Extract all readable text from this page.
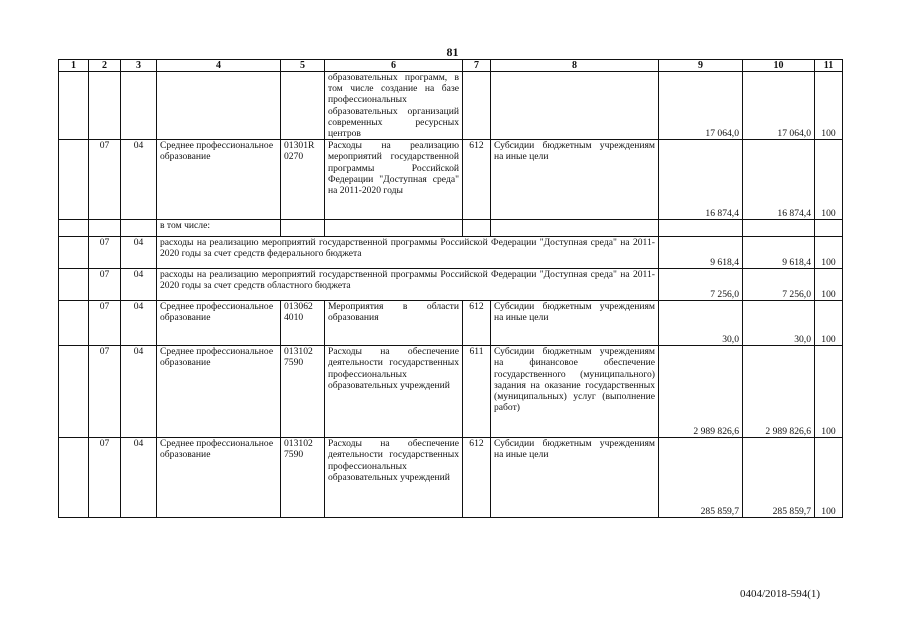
81
1	2	3	4	5	6	7	8	9	10	11
					образовательных программ, в том числе создание на базе профессиональных образовательных организаций современных ресурсных центров			17 064,0	17 064,0	100
	07	04	Среднее профессиональное образование	01301R 0270	Расходы на реализацию мероприятий государственной программы Российской Федерации "Доступная среда" на 2011-2020 годы	612	Субсидии бюджетным учреждениям на иные цели	16 874,4	16 874,4	100
			в том числе:							
	07	04	расходы на реализацию мероприятий государственной программы Российской Федерации "Доступная среда" на 2011-2020 годы за счет средств федерального бюджета					9 618,4	9 618,4	100
	07	04	расходы на реализацию мероприятий государственной программы Российской Федерации "Доступная среда" на 2011-2020 годы за счет средств областного бюджета					7 256,0	7 256,0	100
	07	04	Среднее профессиональное образование	013062 4010	Мероприятия в области образования	612	Субсидии бюджетным учреждениям на иные цели	30,0	30,0	100
	07	04	Среднее профессиональное образование	013102 7590	Расходы на обеспечение деятельности государственных профессиональных образовательных учреждений	611	Субсидии бюджетным учреждениям на финансовое обеспечение государственного (муниципального) задания на оказание государственных (муниципальных) услуг (выполнение работ)	2 989 826,6	2 989 826,6	100
	07	04	Среднее профессиональное образование	013102 7590	Расходы на обеспечение деятельности государственных профессиональных образовательных учреждений	612	Субсидии бюджетным учреждениям на иные цели	285 859,7	285 859,7	100
0404/2018-594(1)
